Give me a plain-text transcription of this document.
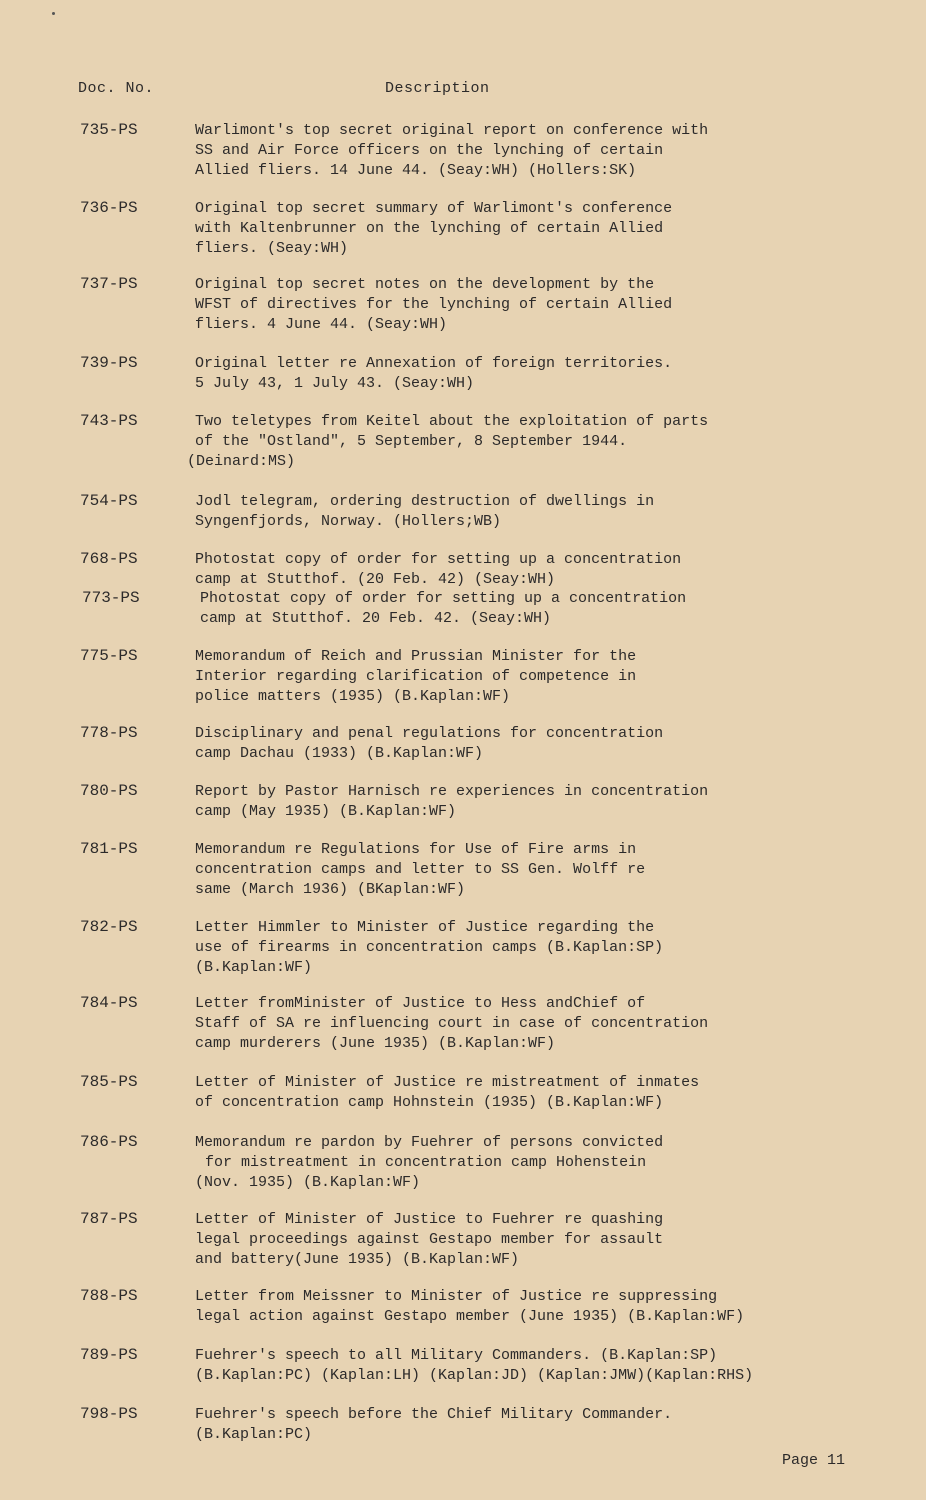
Doc. No.	Description
735-PS	Warlimont's top secret original report on conference with
SS and Air Force officers on the lynching of certain
Allied fliers. 14 June 44. (Seay:WH) (Hollers:SK)
736-PS	Original top secret summary of Warlimont's conference
with Kaltenbrunner on the lynching of certain Allied
fliers. (Seay:WH)
737-PS	Original top secret notes on the development by the
WFST of directives for the lynching of certain Allied
fliers. 4 June 44. (Seay:WH)
739-PS	Original letter re Annexation of foreign territories.
5 July 43, 1 July 43. (Seay:WH)
743-PS	Two teletypes from Keitel about the exploitation of parts
of the "Ostland", 5 September, 8 September 1944.
(Deinard:MS)
754-PS	Jodl telegram, ordering destruction of dwellings in
Syngenfjords, Norway. (Hollers;WB)
768-PS	Photostat copy of order for setting up a concentration
camp at Stutthof. (20 Feb. 42) (Seay:WH)
773-PS	Photostat copy of order for setting up a concentration
camp at Stutthof. 20 Feb. 42. (Seay:WH)
775-PS	Memorandum of Reich and Prussian Minister for the
Interior regarding clarification of competence in
police matters (1935) (B.Kaplan:WF)
778-PS	Disciplinary and penal regulations for concentration
camp Dachau (1933) (B.Kaplan:WF)
780-PS	Report by Pastor Harnisch re experiences in concentration
camp (May 1935) (B.Kaplan:WF)
781-PS	Memorandum re Regulations for Use of Fire arms in
concentration camps and letter to SS Gen. Wolff re
same (March 1936) (BKaplan:WF)
782-PS	Letter Himmler to Minister of Justice regarding the
use of firearms in concentration camps (B.Kaplan:SP)
(B.Kaplan:WF)
784-PS	Letter fromMinister of Justice to Hess andChief of
Staff of SA re influencing court in case of concentration
camp murderers (June 1935) (B.Kaplan:WF)
785-PS	Letter of Minister of Justice re mistreatment of inmates
of concentration camp Hohnstein (1935) (B.Kaplan:WF)
786-PS	Memorandum re pardon by Fuehrer of persons convicted
for mistreatment in concentration camp Hohenstein
(Nov. 1935) (B.Kaplan:WF)
787-PS	Letter of Minister of Justice to Fuehrer re quashing
legal proceedings against Gestapo member for assault
and battery(June 1935) (B.Kaplan:WF)
788-PS	Letter from Meissner to Minister of Justice re suppressing
legal action against Gestapo member (June 1935) (B.Kaplan:WF)
789-PS	Fuehrer's speech to all Military Commanders. (B.Kaplan:SP)
(B.Kaplan:PC) (Kaplan:LH) (Kaplan:JD) (Kaplan:JMW)(Kaplan:RHS)
798-PS	Fuehrer's speech before the Chief Military Commander.
(B.Kaplan:PC)
Page 11
